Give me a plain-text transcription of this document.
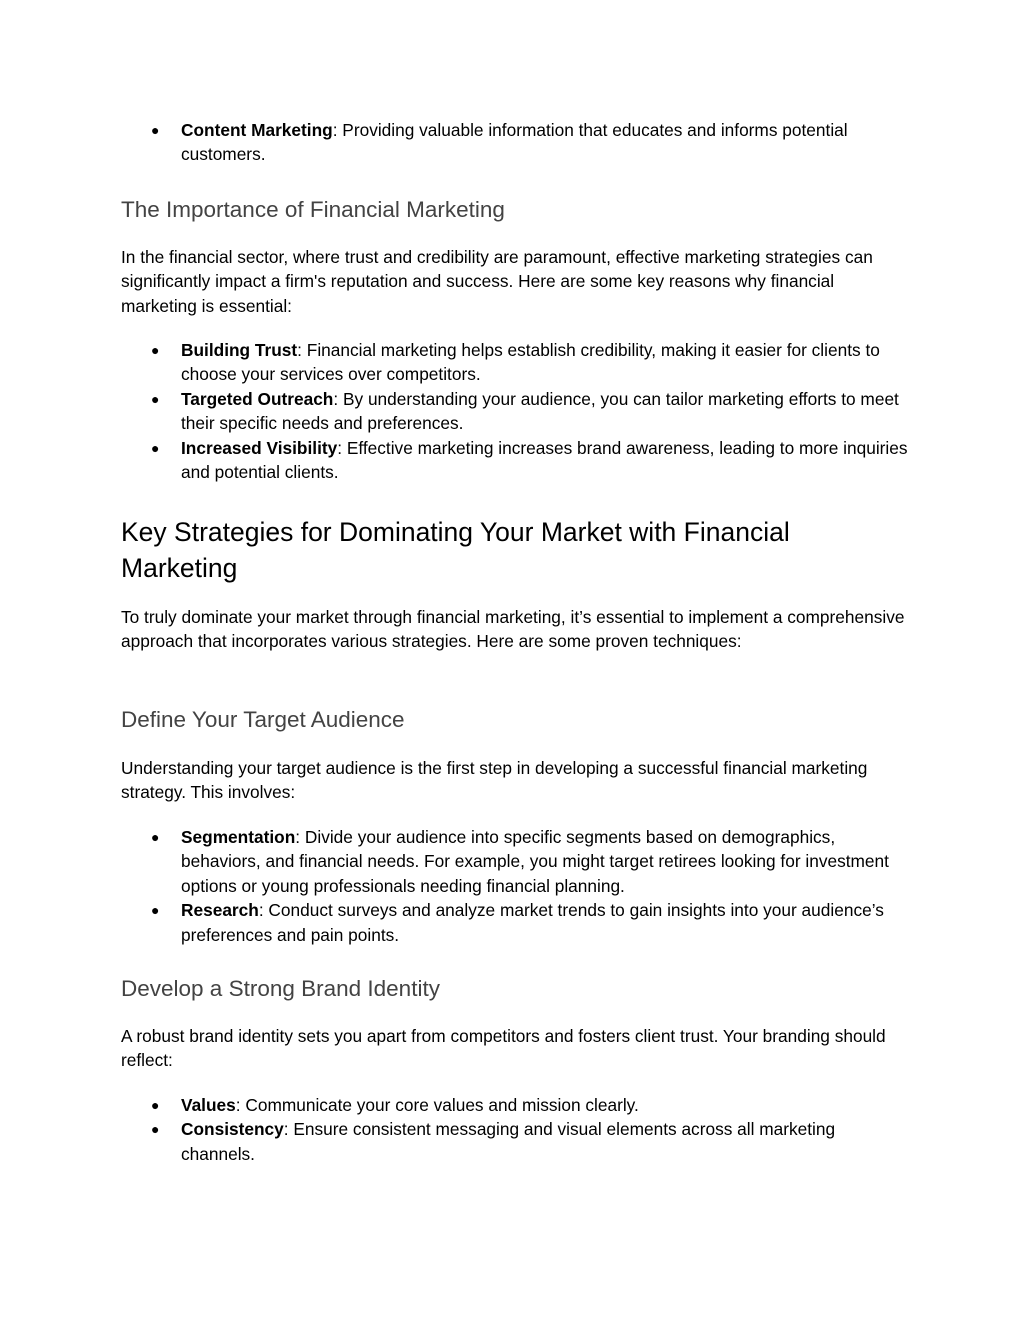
● Content Marketing: Providing valuable information that educates and informs potential customers.
The Importance of Financial Marketing

In the financial sector, where trust and credibility are paramount, effective marketing strategies can significantly impact a firm's reputation and success. Here are some key reasons why financial marketing is essential:

● Building Trust: Financial marketing helps establish credibility, making it easier for clients to choose your services over competitors.
● Targeted Outreach: By understanding your audience, you can tailor marketing efforts to meet their specific needs and preferences.
● Increased Visibility: Effective marketing increases brand awareness, leading to more inquiries and potential clients.
Key Strategies for Dominating Your Market with Financial Marketing

To truly dominate your market through financial marketing, it’s essential to implement a comprehensive approach that incorporates various strategies. Here are some proven techniques:

Define Your Target Audience

Understanding your target audience is the first step in developing a successful financial marketing strategy. This involves:

● Segmentation: Divide your audience into specific segments based on demographics, behaviors, and financial needs. For example, you might target retirees looking for investment options or young professionals needing financial planning.
● Research: Conduct surveys and analyze market trends to gain insights into your audience’s preferences and pain points.
Develop a Strong Brand Identity

A robust brand identity sets you apart from competitors and fosters client trust. Your branding should reflect:

● Values: Communicate your core values and mission clearly.
● Consistency: Ensure consistent messaging and visual elements across all marketing channels.
